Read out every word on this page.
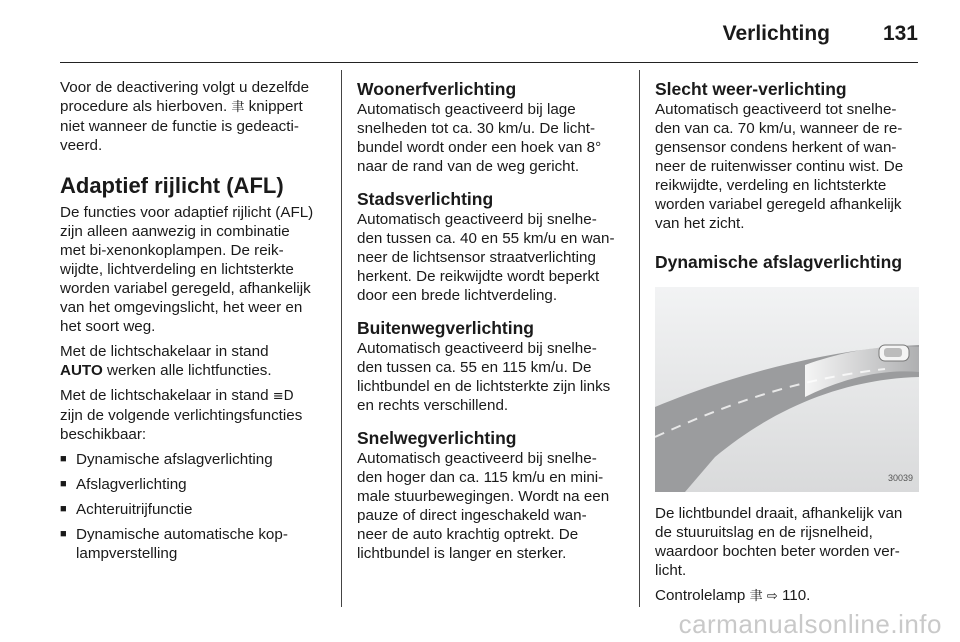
Verlichting	131

Voor de deactivering volgt u dezelfde
procedure als hierboven. ⾀ knippert
niet wanneer de functie is gedeacti-
veerd.

Adaptief rijlicht (AFL)

De functies voor adaptief rijlicht (AFL)
zijn alleen aanwezig in combinatie
met bi-xenonkoplampen. De reik-
wijdte, lichtverdeling en lichtsterkte
worden variabel geregeld, afhankelijk
van het omgevingslicht, het weer en
het soort weg.

Met de lichtschakelaar in stand
AUTO werken alle lichtfuncties.

Met de lichtschakelaar in stand ≡D
zijn de volgende verlichtingsfuncties
beschikbaar:

■ Dynamische afslagverlichting
■ Afslagverlichting
■ Achteruitrijfunctie
■ Dynamische automatische kop-
lampverstelling
Woonerfverlichting

Automatisch geactiveerd bij lage
snelheden tot ca. 30 km/u. De licht-
bundel wordt onder een hoek van 8°
naar de rand van de weg gericht.

Stadsverlichting

Automatisch geactiveerd bij snelhe-
den tussen ca. 40 en 55 km/u en wan-
neer de lichtsensor straatverlichting
herkent. De reikwijdte wordt beperkt
door een brede lichtverdeling.

Buitenwegverlichting

Automatisch geactiveerd bij snelhe-
den tussen ca. 55 en 115 km/u. De
lichtbundel en de lichtsterkte zijn links
en rechts verschillend.

Snelwegverlichting

Automatisch geactiveerd bij snelhe-
den hoger dan ca. 115 km/u en mini-
male stuurbewegingen. Wordt na een
pauze of direct ingeschakeld wan-
neer de auto krachtig optrekt. De
lichtbundel is langer en sterker.

Slecht weer-verlichting

Automatisch geactiveerd tot snelhe-
den van ca. 70 km/u, wanneer de re-
gensensor condens herkent of wan-
neer de ruitenwisser continu wist. De
reikwijdte, verdeling en lichtsterkte
worden variabel geregeld afhankelijk
van het zicht.

Dynamische afslagverlichting
30039

De lichtbundel draait, afhankelijk van
de stuuruitslag en de rijsnelheid,
waardoor bochten beter worden ver-
licht.

Controlelamp ⾀ ⇨ 110.

carmanualsonline.info
